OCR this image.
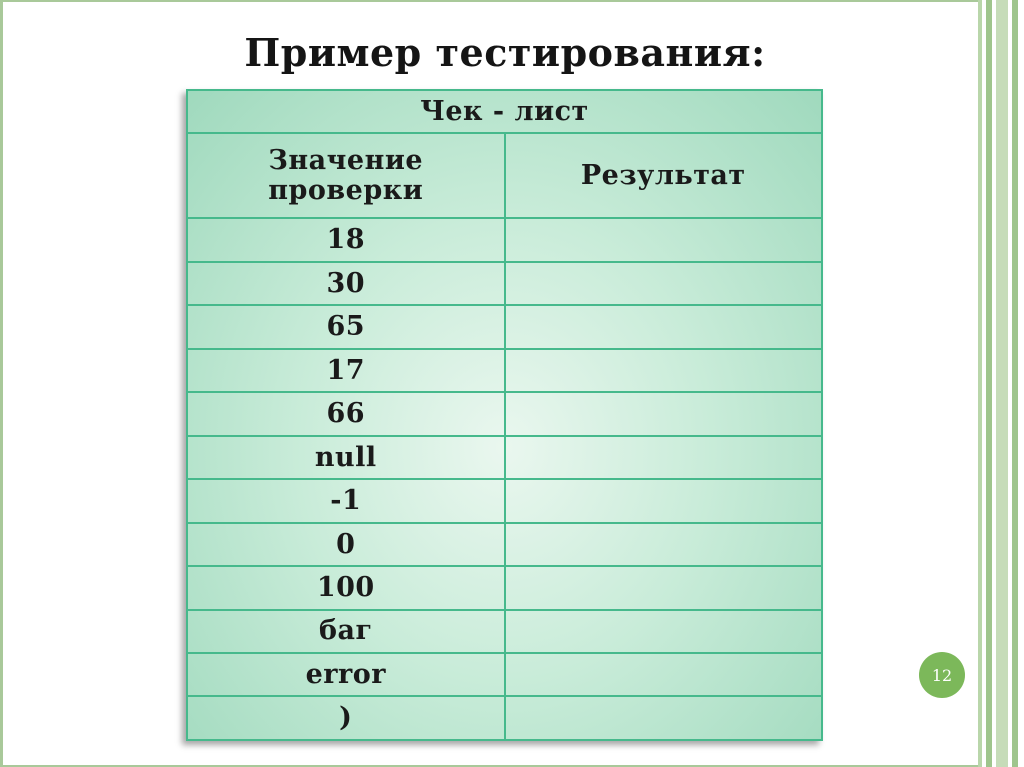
Пример тестирования:
Чек - лист	
Значение проверки	Результат
18	
30	
65	
17	
66	
null	
-1	
0	
100	
баг	
error	
)	
12
